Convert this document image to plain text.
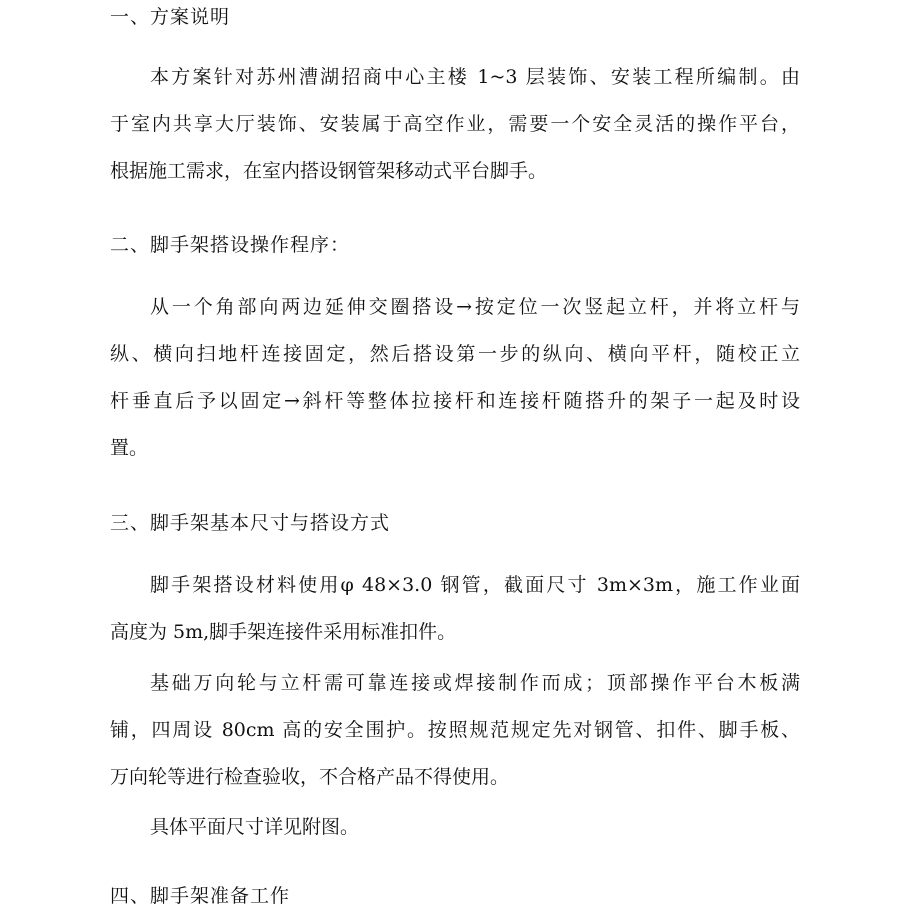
一、方案说明
本方案针对苏州漕湖招商中心主楼 1~3 层装饰、安装工程所编制。由
于室内共享大厅装饰、安装属于高空作业，需要一个安全灵活的操作平台，
根据施工需求，在室内搭设钢管架移动式平台脚手。
二、脚手架搭设操作程序：
从一个角部向两边延伸交圈搭设→按定位一次竖起立杆，并将立杆与
纵、横向扫地杆连接固定，然后搭设第一步的纵向、横向平杆，随校正立
杆垂直后予以固定→斜杆等整体拉接杆和连接杆随搭升的架子一起及时设
置。
三、脚手架基本尺寸与搭设方式
脚手架搭设材料使用φ 48×3.0 钢管，截面尺寸 3m×3m，施工作业面
高度为 5m,脚手架连接件采用标准扣件。
基础万向轮与立杆需可靠连接或焊接制作而成；顶部操作平台木板满
铺，四周设 80cm 高的安全围护。按照规范规定先对钢管、扣件、脚手板、
万向轮等进行检查验收，不合格产品不得使用。
具体平面尺寸详见附图。
四、脚手架准备工作
